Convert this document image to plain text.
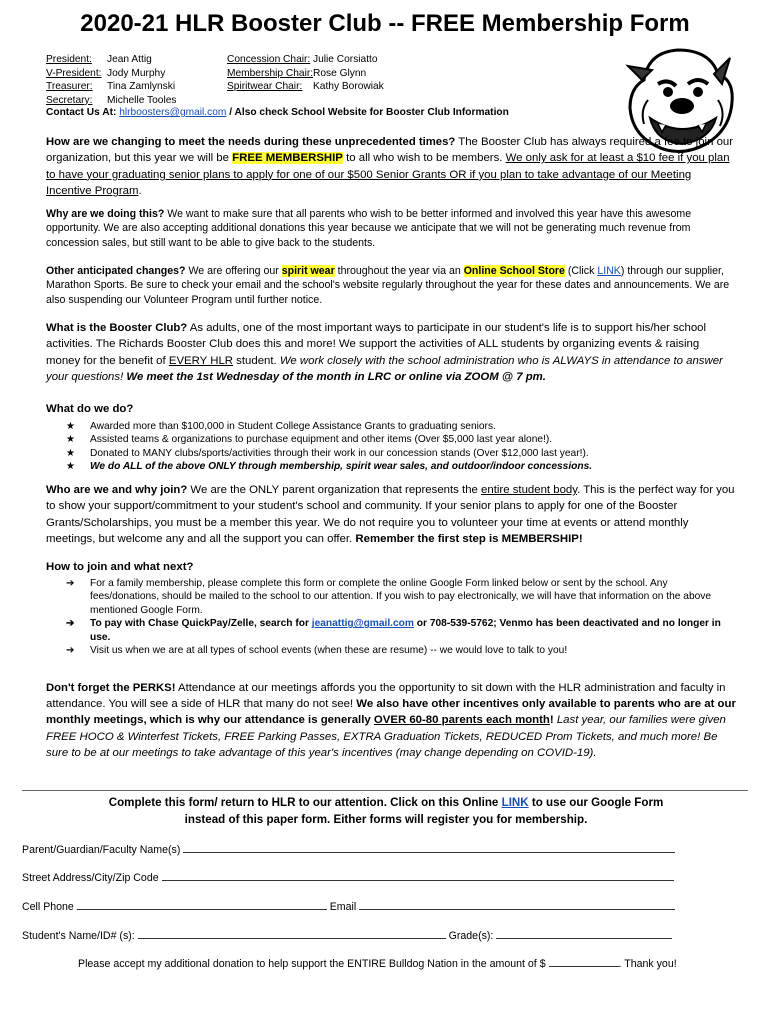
2020-21 HLR Booster Club -- FREE Membership Form
President:	Jean Attig	Concession Chair: Julie Corsiatto
V-President: Jody Murphy	Membership Chair: Rose Glynn
Treasurer:	Tina Zamlynski	Spiritwear Chair:	Kathy Borowiak
Secretary:	Michelle Tooles
Contact Us At: hlrboosters@gmail.com / Also check School Website for Booster Club Information
How are we changing to meet the needs during these unprecedented times? The Booster Club has always required a fee to join our organization, but this year we will be FREE MEMBERSHIP to all who wish to be members. We only ask for at least a $10 fee if you plan to have your graduating senior plans to apply for one of our $500 Senior Grants OR if you plan to take advantage of our Meeting Incentive Program.
Why are we doing this? We want to make sure that all parents who wish to be better informed and involved this year have this awesome opportunity. We are also accepting additional donations this year because we anticipate that we will not be generating much revenue from concession sales, but still want to be able to give back to the students.
Other anticipated changes? We are offering our spirit wear throughout the year via an Online School Store (Click LINK) through our supplier, Marathon Sports. Be sure to check your email and the school's website regularly throughout the year for these dates and announcements. We are also suspending our Volunteer Program until further notice.
What is the Booster Club? As adults, one of the most important ways to participate in our student's life is to support his/her school activities. The Richards Booster Club does this and more! We support the activities of ALL students by organizing events & raising money for the benefit of EVERY HLR student. We work closely with the school administration who is ALWAYS in attendance to answer your questions! We meet the 1st Wednesday of the month in LRC or online via ZOOM @ 7 pm.
What do we do?
★ Awarded more than $100,000 in Student College Assistance Grants to graduating seniors.
★ Assisted teams & organizations to purchase equipment and other items (Over $5,000 last year alone!).
★ Donated to MANY clubs/sports/activities through their work in our concession stands (Over $12,000 last year!).
★ We do ALL of the above ONLY through membership, spirit wear sales, and outdoor/indoor concessions.
Who are we and why join? We are the ONLY parent organization that represents the entire student body. This is the perfect way for you to show your support/commitment to your student's school and community. If your senior plans to apply for one of the Booster Grants/Scholarships, you must be a member this year. We do not require you to volunteer your time at events or attend monthly meetings, but welcome any and all the support you can offer. Remember the first step is MEMBERSHIP!
How to join and what next?
➔ For a family membership, please complete this form or complete the online Google Form linked below or sent by the school. Any fees/donations, should be mailed to the school to our attention. If you wish to pay electronically, we will have that information on the above mentioned Google Form.
➔ To pay with Chase QuickPay/Zelle, search for jeanattig@gmail.com or 708-539-5762; Venmo has been deactivated and no longer in use.
➔ Visit us when we are at all types of school events (when these are resume) -- we would love to talk to you!
Don't forget the PERKS! Attendance at our meetings affords you the opportunity to sit down with the HLR administration and faculty in attendance. You will see a side of HLR that many do not see! We also have other incentives only available to parents who are at our monthly meetings, which is why our attendance is generally OVER 60-80 parents each month! Last year, our families were given FREE HOCO & Winterfest Tickets, FREE Parking Passes, EXTRA Graduation Tickets, REDUCED Prom Tickets, and much more! Be sure to be at our meetings to take advantage of this year's incentives (may change depending on COVID-19).
Complete this form/ return to HLR to our attention. Click on this Online LINK to use our Google Form
instead of this paper form. Either forms will register you for membership.
Parent/Guardian/Faculty Name(s)
Street Address/City/Zip Code
Cell Phone	Email
Student's Name/ID# (s):	Grade(s):
Please accept my additional donation to help support the ENTIRE Bulldog Nation in the amount of $	. Thank you!
